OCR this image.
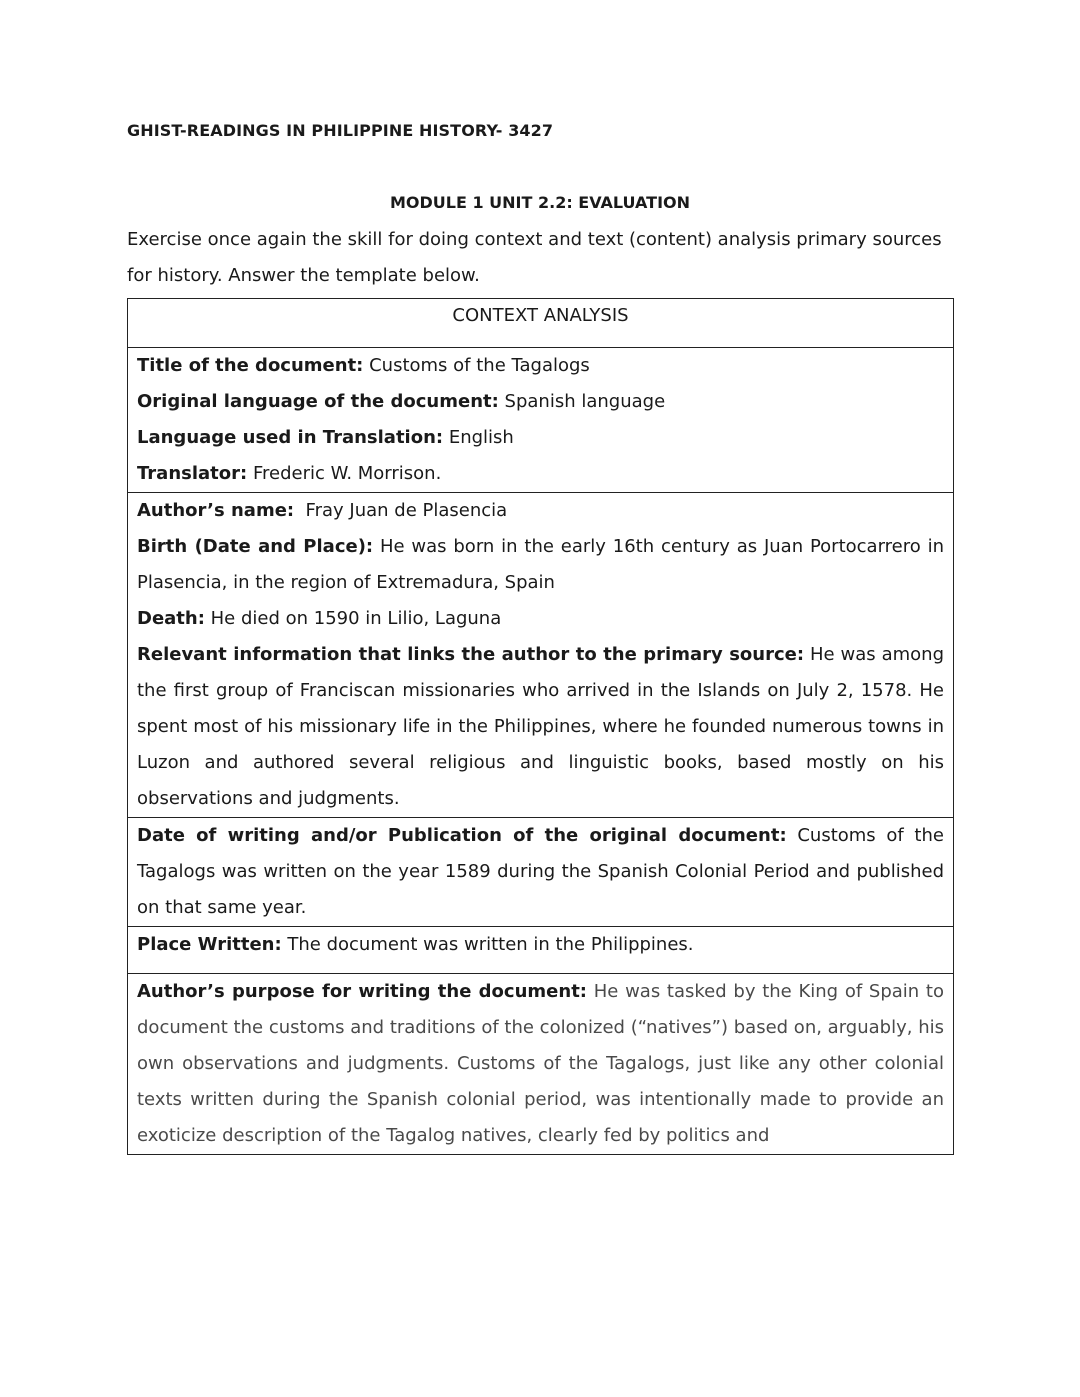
GHIST-READINGS IN PHILIPPINE HISTORY- 3427
MODULE 1 UNIT 2.2: EVALUATION

Exercise once again the skill for doing context and text (content) analysis primary sources for history. Answer the template below.

CONTEXT ANALYSIS

Title of the document: Customs of the Tagalogs

Original language of the document: Spanish language

Language used in Translation: English

Translator: Frederic W. Morrison.

Author’s name:  Fray Juan de Plasencia

Birth (Date and Place): He was born in the early 16th century as Juan Portocarrero in Plasencia, in the region of Extremadura, Spain

Death: He died on 1590 in Lilio, Laguna

Relevant information that links the author to the primary source: He was among the first group of Franciscan missionaries who arrived in the Islands on July 2, 1578. He spent most of his missionary life in the Philippines, where he founded numerous towns in Luzon and authored several religious and linguistic books, based mostly on his observations and judgments.

Date of writing and/or Publication of the original document: Customs of the Tagalogs was written on the year 1589 during the Spanish Colonial Period and published on that same year.

Place Written: The document was written in the Philippines.

Author’s purpose for writing the document: He was tasked by the King of Spain to document the customs and traditions of the colonized (“natives”) based on, arguably, his own observations and judgments. Customs of the Tagalogs, just like any other colonial texts written during the Spanish colonial period, was intentionally made to provide an exoticize description of the Tagalog natives, clearly fed by politics and
